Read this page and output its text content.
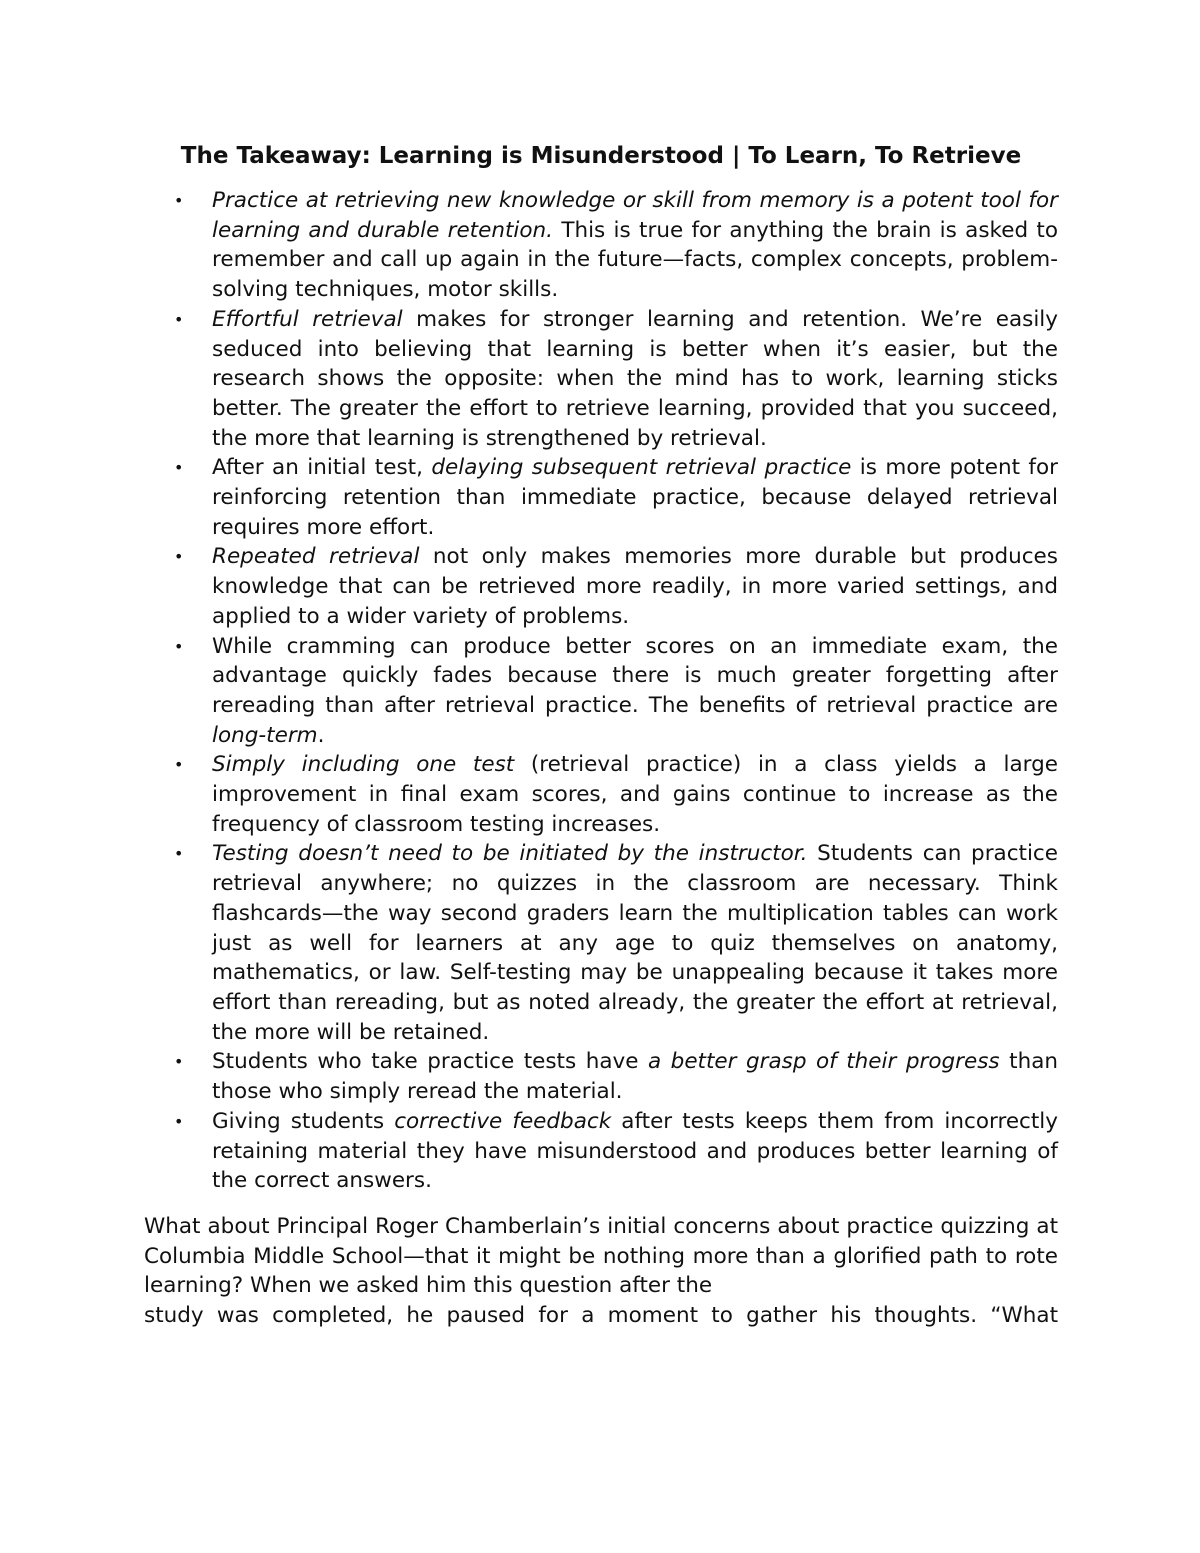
The Takeaway: Learning is Misunderstood | To Learn, To Retrieve
• Practice at retrieving new knowledge or skill from memory is a potent tool for learning and durable retention. This is true for anything the brain is asked to remember and call up again in the future—facts, complex concepts, problem-solving techniques, motor skills.
• Effortful retrieval makes for stronger learning and retention. We’re easily seduced into believing that learning is better when it’s easier, but the research shows the opposite: when the mind has to work, learning sticks better. The greater the effort to retrieve learning, provided that you succeed, the more that learning is strengthened by retrieval.
• After an initial test, delaying subsequent retrieval practice is more potent for reinforcing retention than immediate practice, because delayed retrieval requires more effort.
• Repeated retrieval not only makes memories more durable but produces knowledge that can be retrieved more readily, in more varied settings, and applied to a wider variety of problems.
• While cramming can produce better scores on an immediate exam, the advantage quickly fades because there is much greater forgetting after rereading than after retrieval practice. The benefits of retrieval practice are long-term.
• Simply including one test (retrieval practice) in a class yields a large improvement in final exam scores, and gains continue to increase as the frequency of classroom testing increases.
• Testing doesn’t need to be initiated by the instructor. Students can practice retrieval anywhere; no quizzes in the classroom are necessary. Think flashcards—the way second graders learn the multiplication tables can work just as well for learners at any age to quiz themselves on anatomy, mathematics, or law. Self-testing may be unappealing because it takes more effort than rereading, but as noted already, the greater the effort at retrieval, the more will be retained.
• Students who take practice tests have a better grasp of their progress than those who simply reread the material.
• Giving students corrective feedback after tests keeps them from incorrectly retaining material they have misunderstood and produces better learning of the correct answers.

What about Principal Roger Chamberlain’s initial concerns about practice quizzing at Columbia Middle School—that it might be nothing more than a glorified path to rote learning? When we asked him this question after the
study was completed, he paused for a moment to gather his thoughts. “What
